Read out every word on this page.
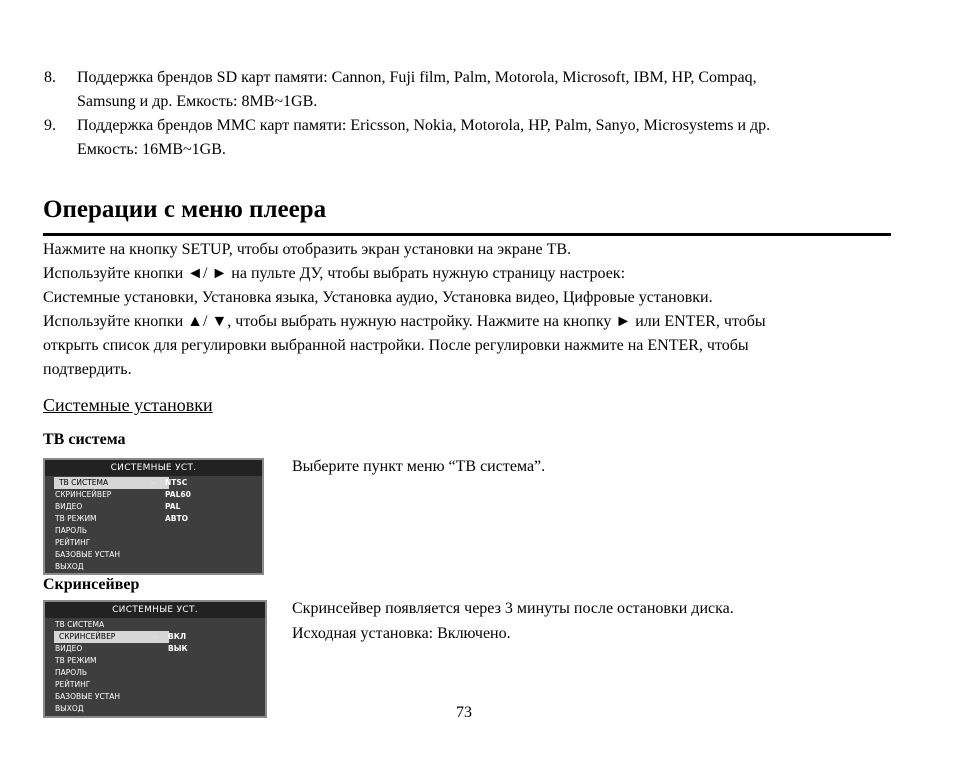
8. Поддержка брендов SD карт памяти: Cannon, Fuji film, Palm, Motorola, Microsoft, IBM, HP, Compaq,
Samsung и др. Емкость: 8MB~1GB.
9. Поддержка брендов MMC карт памяти: Ericsson, Nokia, Motorola, HP, Palm, Sanyo, Microsystems и др.
Емкость: 16MB~1GB.
Операции с меню плеера
Нажмите на кнопку SETUP, чтобы отобразить экран установки на экране ТВ.
Используйте кнопки ◄/ ► на пульте ДУ, чтобы выбрать нужную страницу настроек:
Системные установки, Установка языка, Установка аудио, Установка видео, Цифровые установки.
Используйте кнопки ▲/ ▼, чтобы выбрать нужную настройку. Нажмите на кнопку ► или ENTER, чтобы
открыть список для регулировки выбранной настройки. После регулировки нажмите на ENTER, чтобы
подтвердить.
Системные установки
ТВ система
Выберите пункт меню “ТВ система”.
СИСТЕМНЫЕ УСТ.
ТВ СИСТЕМА
СКРИНСЕЙВЕР
ВИДЕО
ТВ РЕЖИМ
ПАРОЛЬ
РЕЙТИНГ
БАЗОВЫЕ УСТАН
ВЫХОД
► NTSC
PAL60
PAL
АВТО
Скринсейвер
Скринсейвер появляется через 3 минуты после остановки диска.
Исходная установка: Включено.
СИСТЕМНЫЕ УСТ.
ТВ СИСТЕМА
СКРИНСЕЙВЕР
ВИДЕО
ТВ РЕЖИМ
ПАРОЛЬ
РЕЙТИНГ
БАЗОВЫЕ УСТАН
ВЫХОД
► ВКЛ
ВЫК
73
